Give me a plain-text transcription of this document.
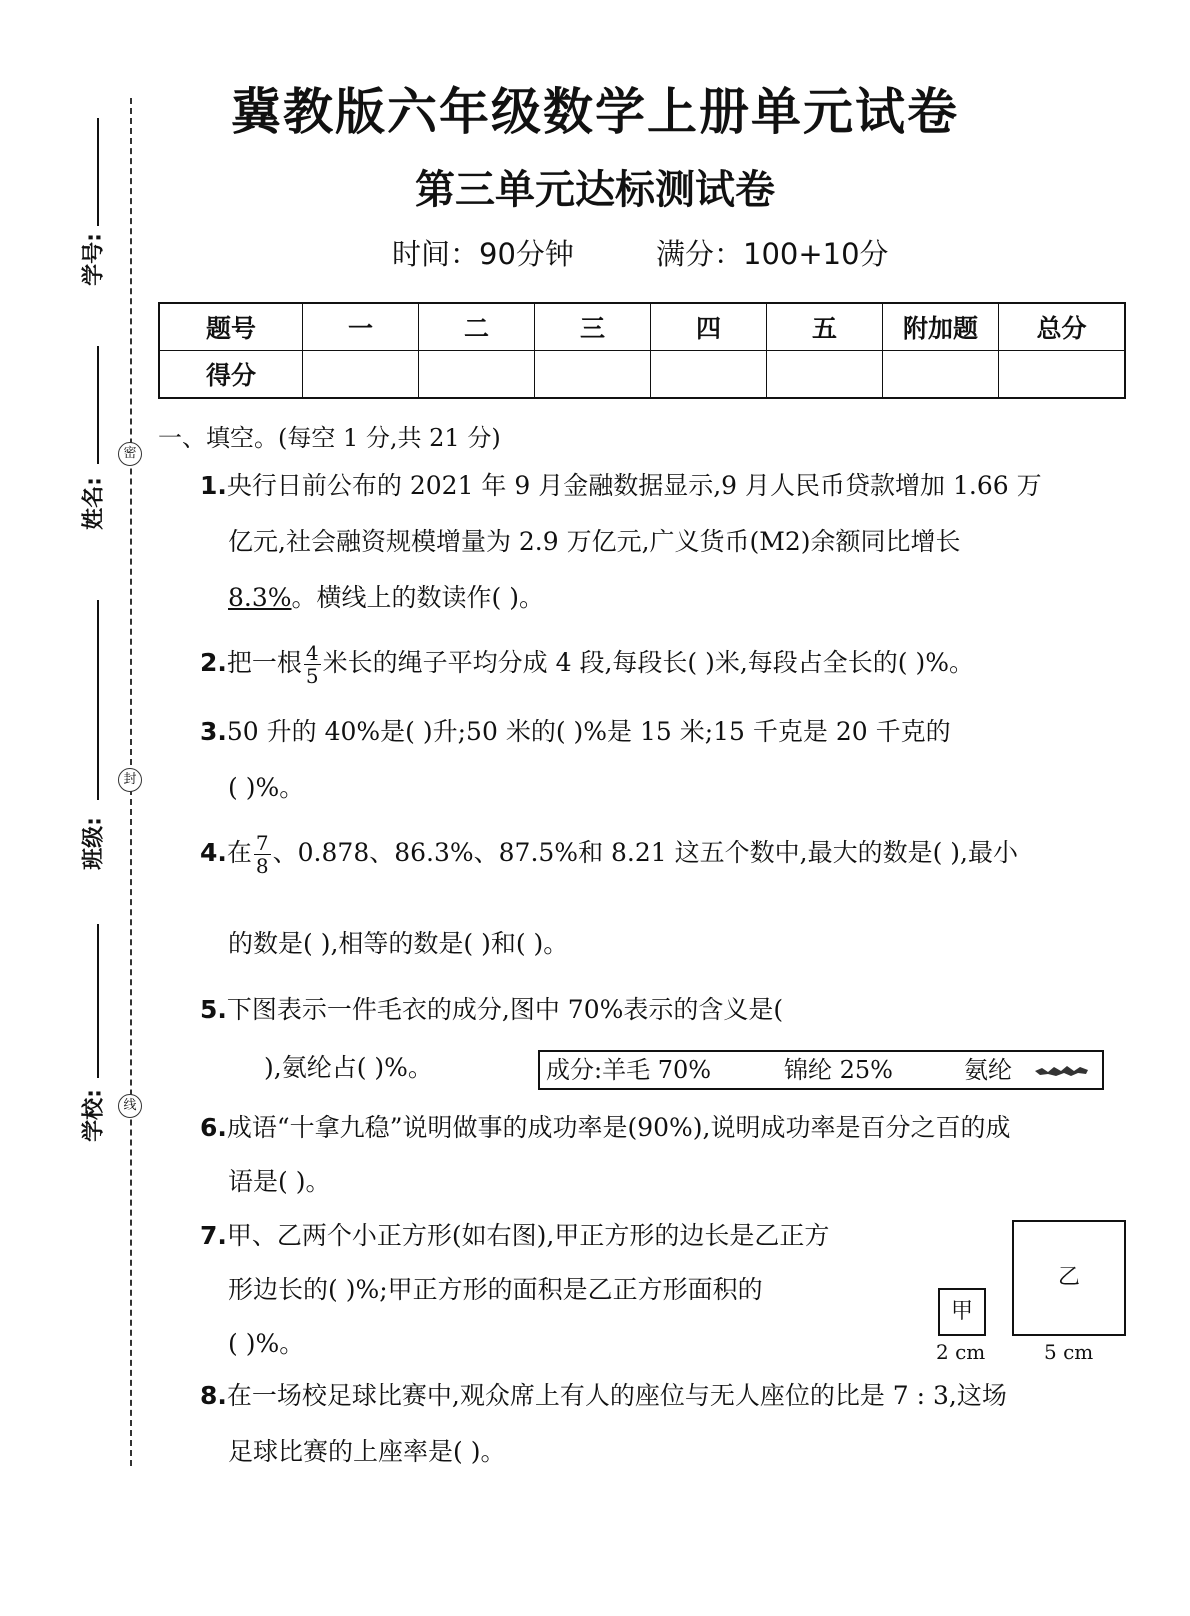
冀教版六年级数学上册单元试卷
第三单元达标测试卷
时间：90分钟	满分：100+10分
题号	一	二	三	四	五	附加题	总分
得分							
学号:
姓名:
班级:
学校:
密
封
线
一、填空。(每空 1 分,共 21 分)
1.央行日前公布的 2021 年 9 月金融数据显示,9 月人民币贷款增加 1.66 万
亿元,社会融资规模增量为 2.9 万亿元,广义货币(M2)余额同比增长
8.3%。横线上的数读作( )。
2.把一根 $\frac{4}{5}$ 米长的绳子平均分成 4 段,每段长( )米,每段占全长的( )%。
3.50 升的 40%是( )升;50 米的( )%是 15 米;15 千克是 20 千克的
( )%。
4.在 $\frac{7}{8}$ 、0.878、86.3%、87.5%和 8.21 这五个数中,最大的数是( ),最小
的数是( ),相等的数是( )和( )。
5.下图表示一件毛衣的成分,图中 70%表示的含义是(
),氨纶占( )%。	成分:羊毛 70%	锦纶 25%	氨纶
6.成语“十拿九稳”说明做事的成功率是(90%),说明成功率是百分之百的成
语是( )。
7.甲、乙两个小正方形(如右图),甲正方形的边长是乙正方
形边长的( )%;甲正方形的面积是乙正方形面积的
( )%。
甲
乙
2 cm	5 cm
8.在一场校足球比赛中,观众席上有人的座位与无人座位的比是 7 : 3,这场
足球比赛的上座率是( )。
